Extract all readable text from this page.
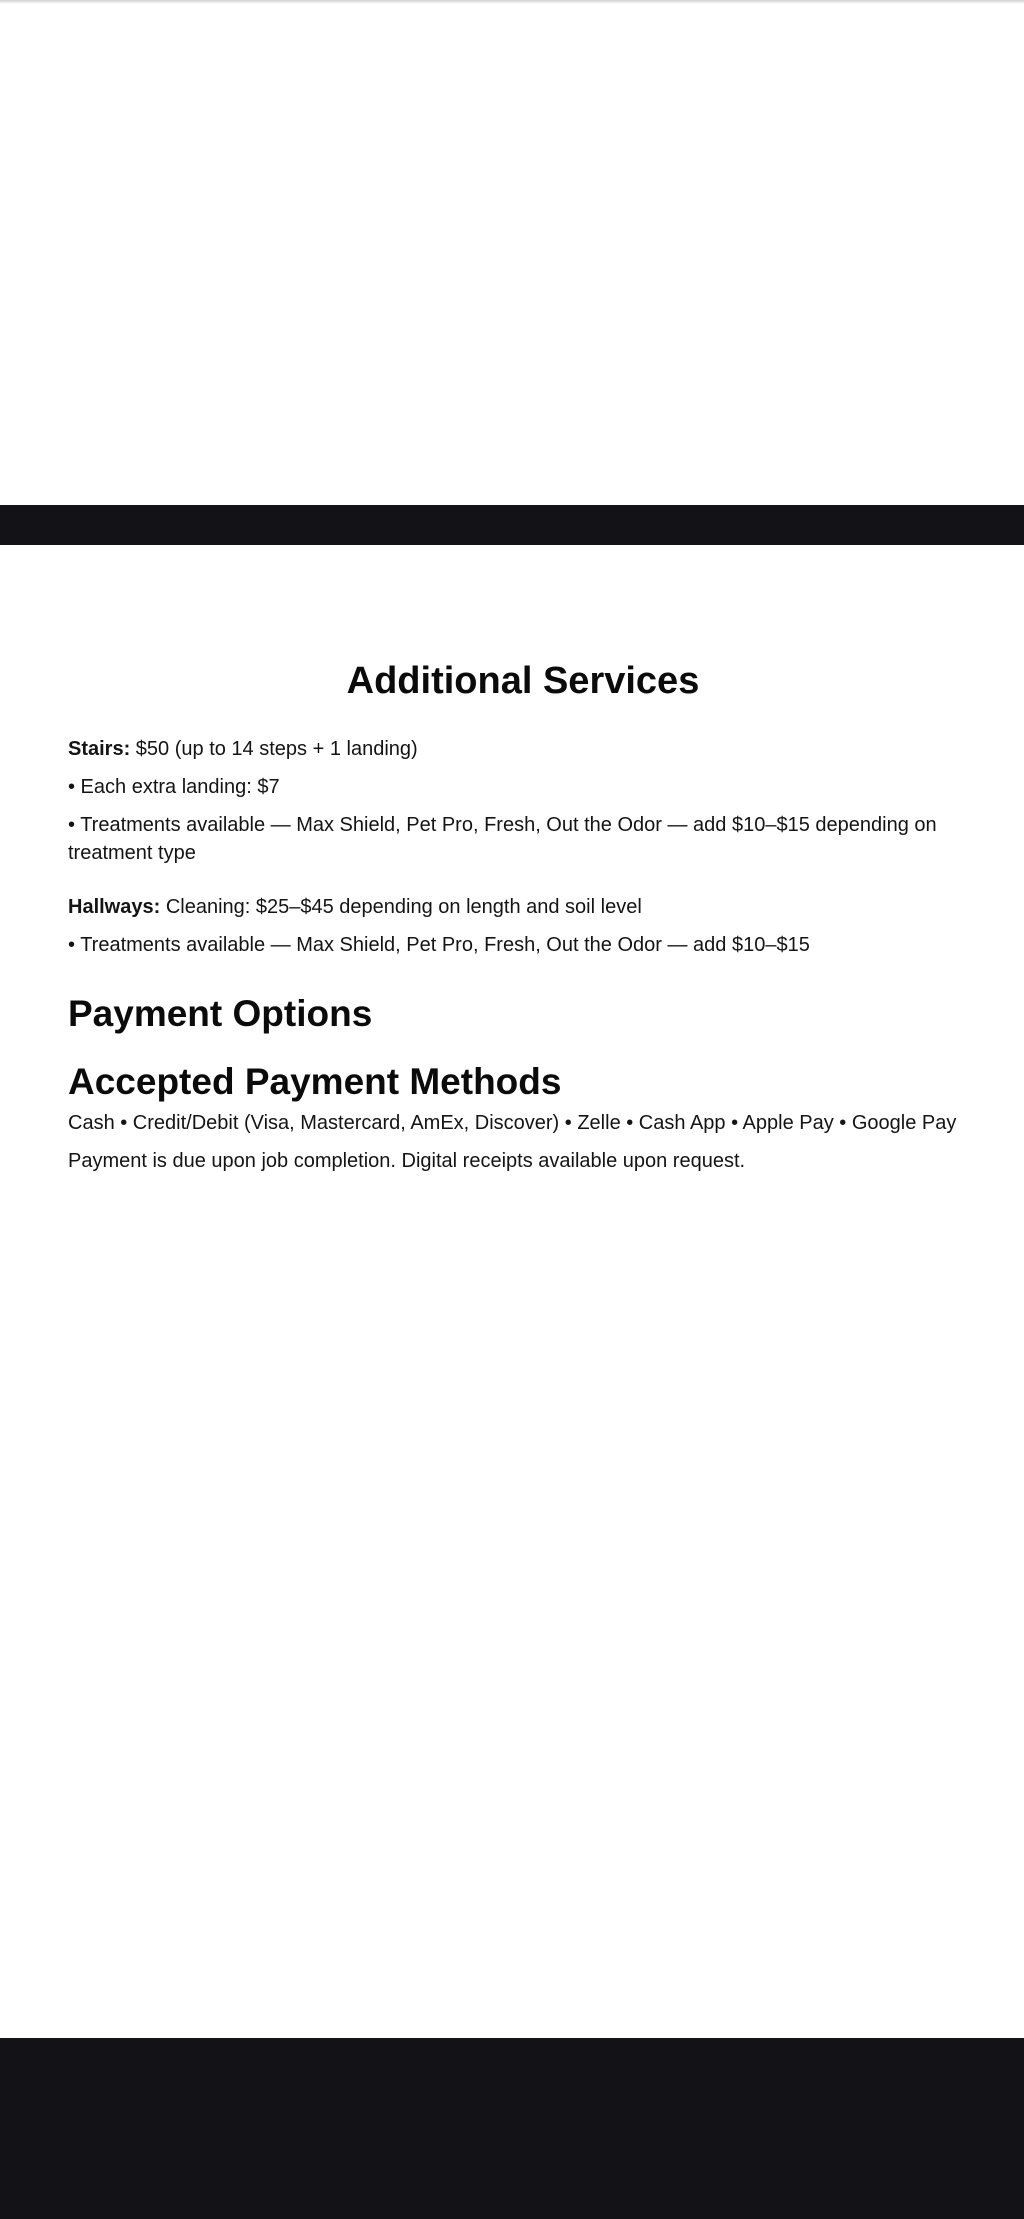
Additional Services

Stairs: $50 (up to 14 steps + 1 landing)

• Each extra landing: $7

• Treatments available — Max Shield, Pet Pro, Fresh, Out the Odor — add $10–$15 depending on treatment type

Hallways: Cleaning: $25–$45 depending on length and soil level

• Treatments available — Max Shield, Pet Pro, Fresh, Out the Odor — add $10–$15

Payment Options
Accepted Payment Methods

Cash • Credit/Debit (Visa, Mastercard, AmEx, Discover) • Zelle • Cash App • Apple Pay • Google Pay

Payment is due upon job completion. Digital receipts available upon request.
